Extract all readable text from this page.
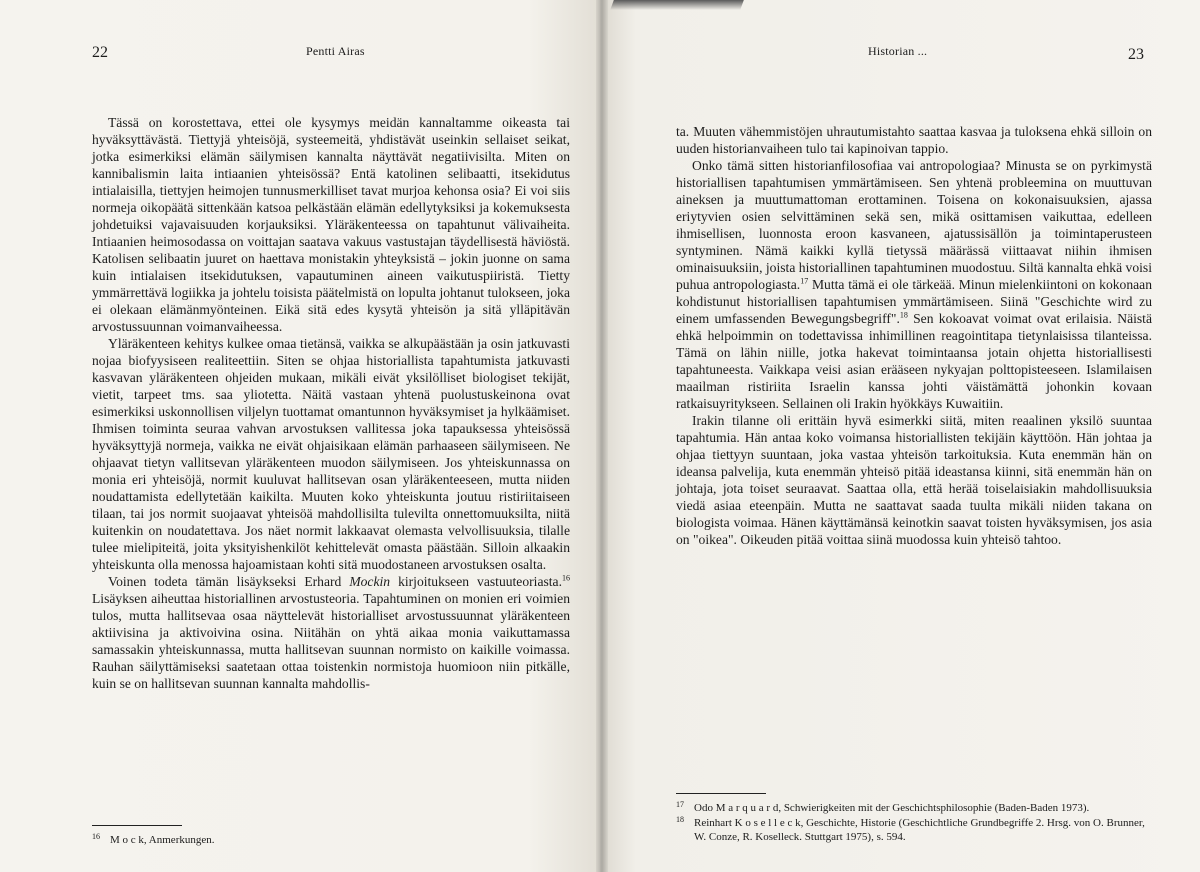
22	Pentti Airas

Tässä on korostettava, ettei ole kysymys meidän kannaltamme oikeasta tai hyväksyttävästä. Tiettyjä yhteisöjä, systeemeitä, yhdistävät useinkin sellaiset seikat, jotka esimerkiksi elämän säilymisen kannalta näyttävät negatiivisilta. Miten on kannibalismin laita intiaanien yhteisössä? Entä katolinen selibaatti, itsekidutus intialaisilla, tiettyjen heimojen tunnusmerkilliset tavat murjoa kehonsa osia? Ei voi siis normeja oikopäätä sittenkään katsoa pelkästään elämän edellytyksiksi ja kokemuksesta johdetuiksi vajavaisuuden korjauksiksi. Yläräkenteessa on tapahtunut välivaiheita. Intiaanien heimosodassa on voittajan saatava vakuus vastustajan täydellisestä häviöstä. Katolisen selibaatin juuret on haettava monistakin yhteyksistä – jokin juonne on sama kuin intialaisen itsekidutuksen, vapautuminen aineen vaikutuspiiristä. Tietty ymmärrettävä logiikka ja johtelu toisista päätelmistä on lopulta johtanut tulokseen, joka ei olekaan elämänmyönteinen. Eikä sitä edes kysytä yhteisön ja sitä ylläpitävän arvostussuunnan voimanvaiheessa.

Yläräkenteen kehitys kulkee omaa tietänsä, vaikka se alkupäästään ja osin jatkuvasti nojaa biofyysiseen realiteettiin. Siten se ohjaa historiallista tapahtumista jatkuvasti kasvavan yläräkenteen ohjeiden mukaan, mikäli eivät yksilölliset biologiset tekijät, vietit, tarpeet tms. saa yliotetta. Näitä vastaan yhtenä puolustuskeinona ovat esimerkiksi uskonnollisen viljelyn tuottamat omantunnon hyväksymiset ja hylkäämiset. Ihmisen toiminta seuraa vahvan arvostuksen vallitessa joka tapauksessa yhteisössä hyväksyttyjä normeja, vaikka ne eivät ohjaisikaan elämän parhaaseen säilymiseen. Ne ohjaavat tietyn vallitsevan yläräkenteen muodon säilymiseen. Jos yhteiskunnassa on monia eri yhteisöjä, normit kuuluvat hallitsevan osan yläräkenteeseen, mutta niiden noudattamista edellytetään kaikilta. Muuten koko yhteiskunta joutuu ristiriitaiseen tilaan, tai jos normit suojaavat yhteisöä mahdollisilta tulevilta onnettomuuksilta, niitä kuitenkin on noudatettava. Jos näet normit lakkaavat olemasta velvollisuuksia, tilalle tulee mielipiteitä, joita yksityishenkilöt kehittelevät omasta päästään. Silloin alkaakin yhteiskunta olla menossa hajoamistaan kohti sitä muodostaneen arvostuksen osalta.

Voinen todeta tämän lisäykseksi Erhard Mockin kirjoitukseen vastuuteoriasta.$^{16}$ Lisäyksen aiheuttaa historiallinen arvostusteoria. Tapahtuminen on monien eri voimien tulos, mutta hallitsevaa osaa näyttelevät historialliset arvostussuunnat yläräkenteen aktiivisina ja aktivoivina osina. Niitähän on yhtä aikaa monia vaikuttamassa samassakin yhteiskunnassa, mutta hallitsevan suunnan normisto on kaikille voimassa. Rauhan säilyttämiseksi saatetaan ottaa toistenkin normistoja huomioon niin pitkälle, kuin se on hallitsevan suunnan kannalta mahdollis-

16 M o c k, Anmerkungen.
Historian ...	23

ta. Muuten vähemmistöjen uhrautumistahto saattaa kasvaa ja tuloksena ehkä silloin on uuden historianvaiheen tulo tai kapinoivan tappio.

Onko tämä sitten historianfilosofiaa vai antropologiaa? Minusta se on pyrkimystä historiallisen tapahtumisen ymmärtämiseen. Sen yhtenä probleemina on muuttuvan aineksen ja muuttumattoman erottaminen. Toisena on kokonaisuuksien, ajassa eriytyvien osien selvittäminen sekä sen, mikä osittamisen vaikuttaa, edelleen ihmisellisen, luonnosta eroon kasvaneen, ajatussisällön ja toimintaperusteen syntyminen. Nämä kaikki kyllä tietyssä määrässä viittaavat niihin ihmisen ominaisuuksiin, joista historiallinen tapahtuminen muodostuu. Siltä kannalta ehkä voisi puhua antropologiasta.$^{17}$ Mutta tämä ei ole tärkeää. Minun mielenkiintoni on kokonaan kohdistunut historiallisen tapahtumisen ymmärtämiseen. Siinä "Geschichte wird zu einem umfassenden Bewegungsbegriff".$^{18}$ Sen kokoavat voimat ovat erilaisia. Näistä ehkä helpoimmin on todettavissa inhimillinen reagointitapa tietynlaisissa tilanteissa. Tämä on lähin niille, jotka hakevat toimintaansa jotain ohjetta historiallisesti tapahtuneesta. Vaikkapa veisi asian erääseen nykyajan polttopisteeseen. Islamilaisen maailman ristiriita Israelin kanssa johti väistämättä johonkin kovaan ratkaisuyritykseen. Sellainen oli Irakin hyökkäys Kuwaitiin.

Irakin tilanne oli erittäin hyvä esimerkki siitä, miten reaalinen yksilö suuntaa tapahtumia. Hän antaa koko voimansa historiallisten tekijäin käyttöön. Hän johtaa ja ohjaa tiettyyn suuntaan, joka vastaa yhteisön tarkoituksia. Kuta enemmän hän on ideansa palvelija, kuta enemmän yhteisö pitää ideastansa kiinni, sitä enemmän hän on johtaja, jota toiset seuraavat. Saattaa olla, että herää toiselaisiakin mahdollisuuksia viedä asiaa eteenpäin. Mutta ne saattavat saada tuulta mikäli niiden takana on biologista voimaa. Hänen käyttämänsä keinotkin saavat toisten hyväksymisen, jos asia on "oikea". Oikeuden pitää voittaa siinä muodossa kuin yhteisö tahtoo.

17 Odo M a r q u a r d, Schwierigkeiten mit der Geschichtsphilosophie (Baden-Baden 1973).
18 Reinhart K o s e l l e c k, Geschichte, Historie (Geschichtliche Grundbegriffe 2. Hrsg. von O. Brunner, W. Conze, R. Koselleck. Stuttgart 1975), s. 594.
